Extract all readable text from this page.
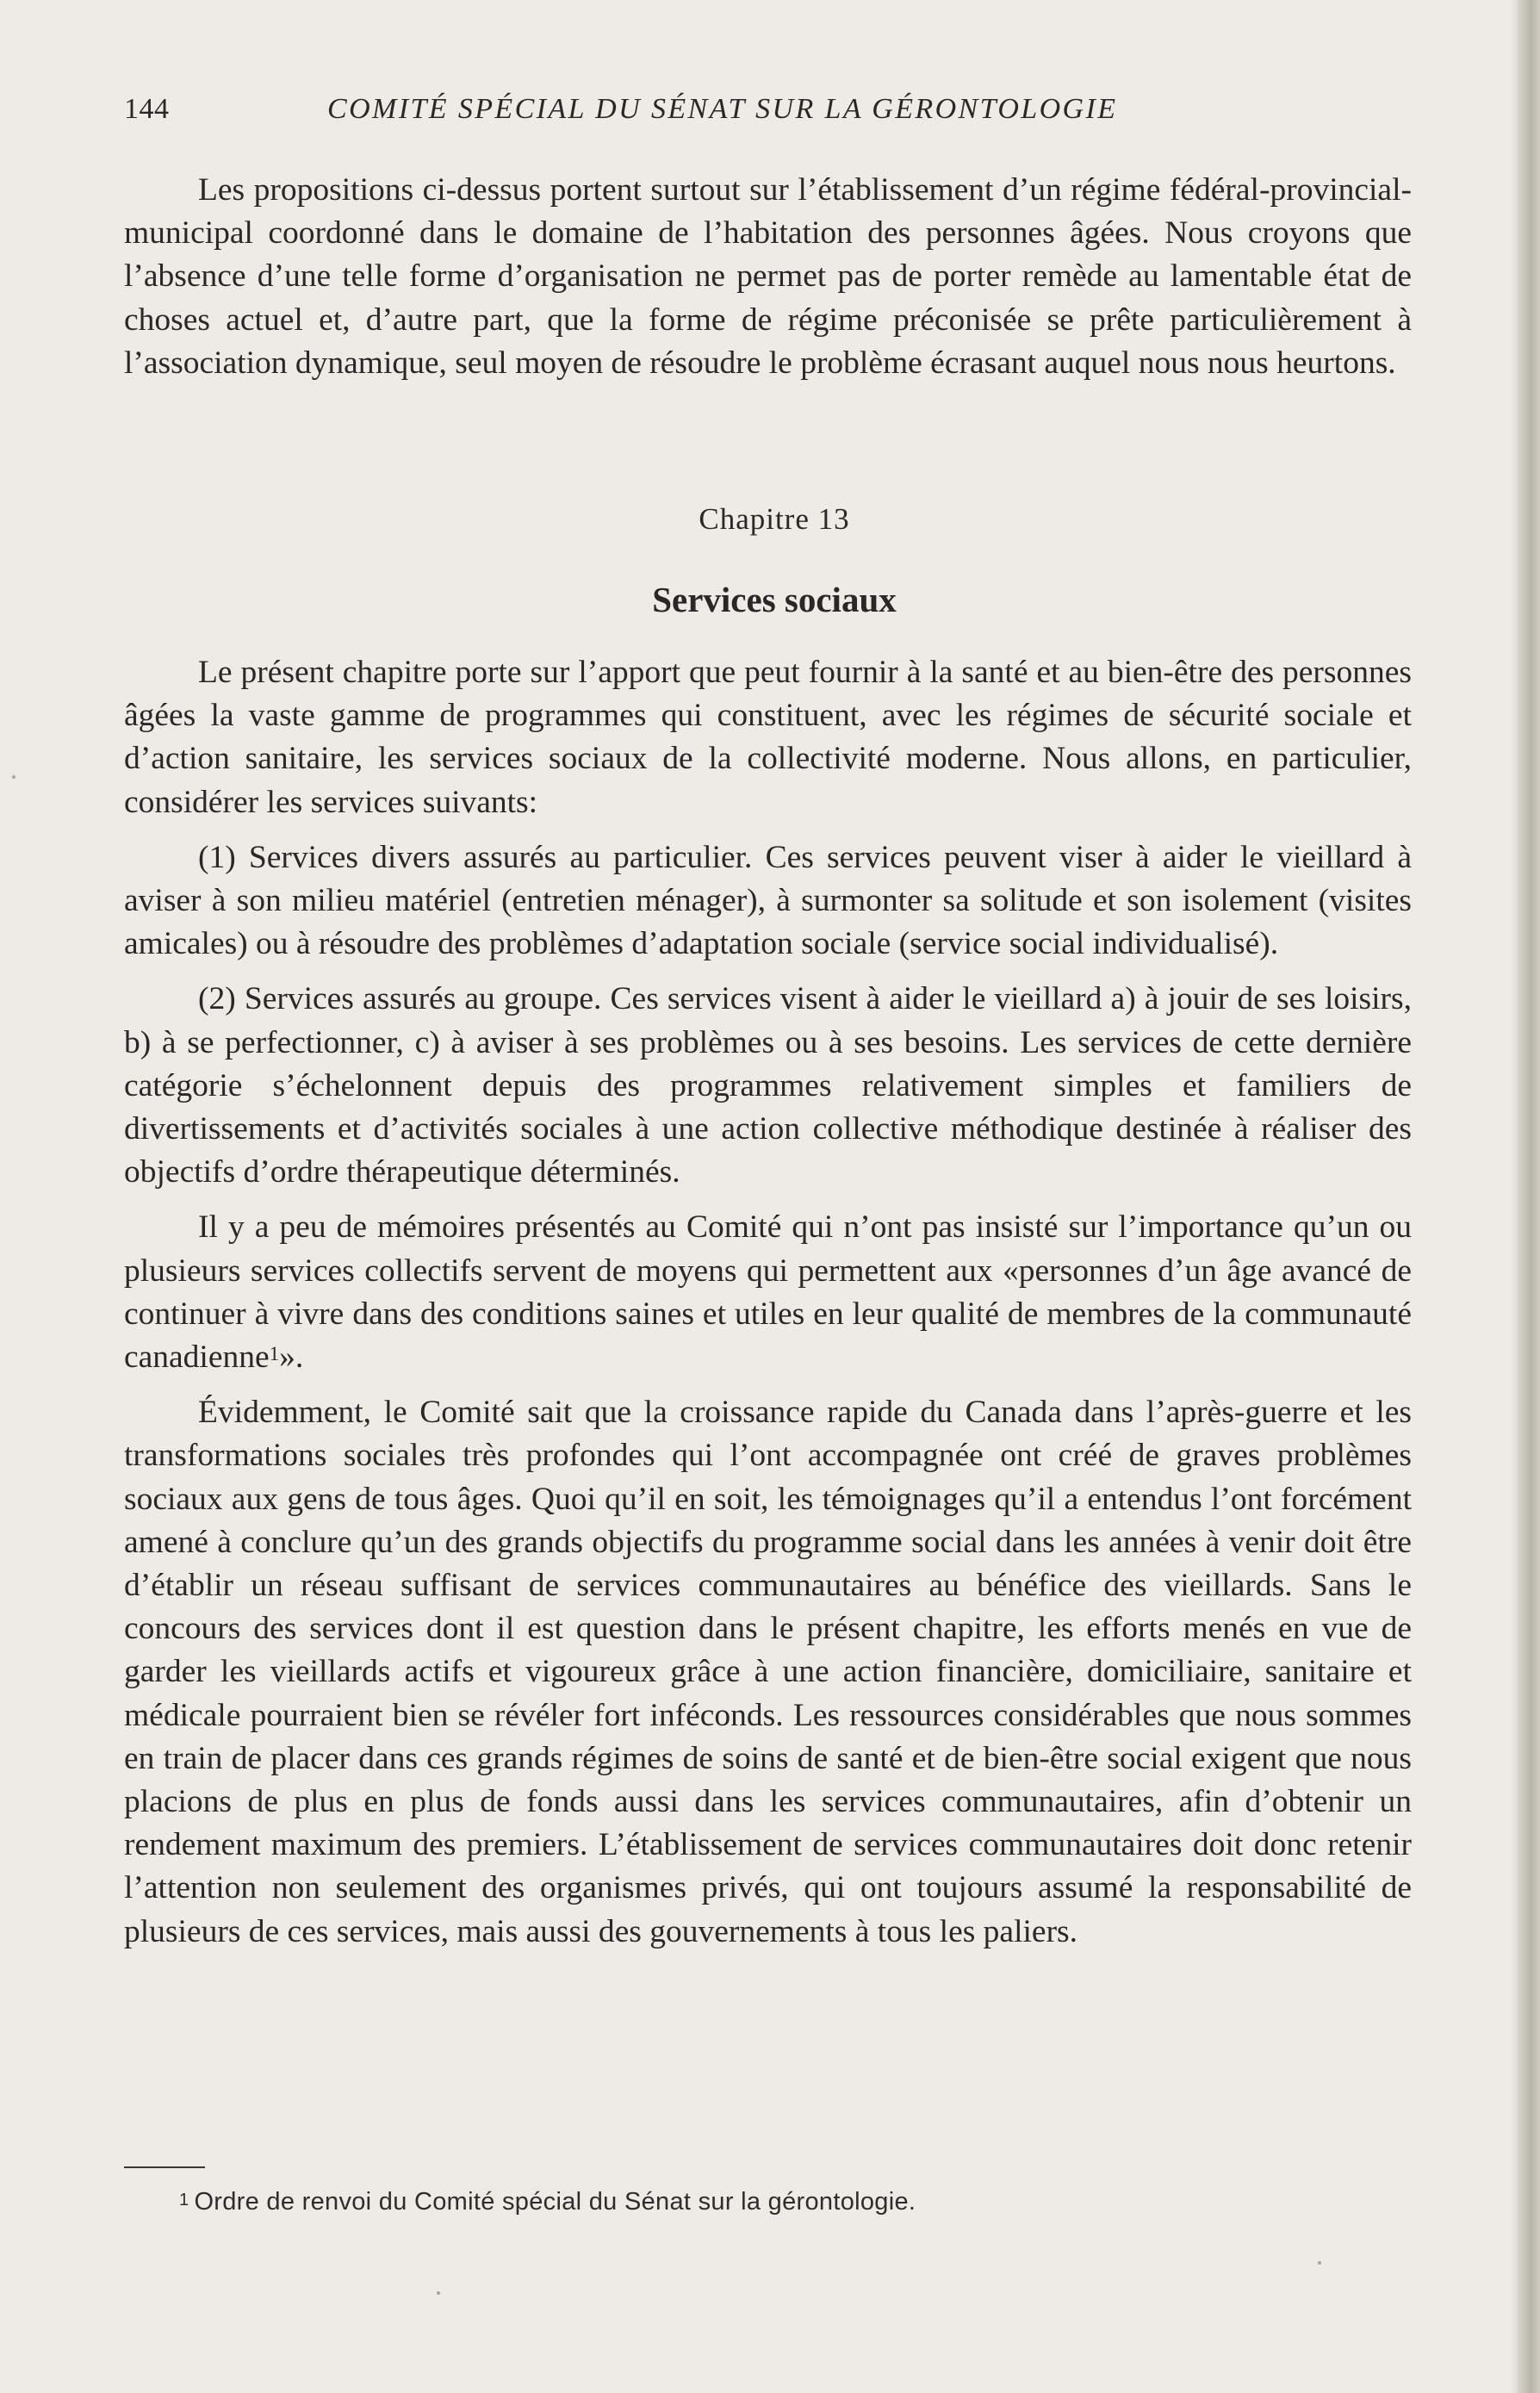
144	COMITÉ SPÉCIAL DU SÉNAT SUR LA GÉRONTOLOGIE

Les propositions ci-dessus portent surtout sur l’établissement d’un régime fédéral-provincial-municipal coordonné dans le domaine de l’habitation des personnes âgées. Nous croyons que l’absence d’une telle forme d’organisation ne permet pas de porter remède au lamentable état de choses actuel et, d’autre part, que la forme de régime préconisée se prête particulièrement à l’association dynamique, seul moyen de résoudre le problème écrasant auquel nous nous heurtons.

Chapitre 13
Services sociaux

Le présent chapitre porte sur l’apport que peut fournir à la santé et au bien-être des personnes âgées la vaste gamme de programmes qui constituent, avec les régimes de sécurité sociale et d’action sanitaire, les services sociaux de la collectivité moderne. Nous allons, en particulier, considérer les services suivants:

(1) Services divers assurés au particulier. Ces services peuvent viser à aider le vieillard à aviser à son milieu matériel (entretien ménager), à surmonter sa solitude et son isolement (visites amicales) ou à résoudre des problèmes d’adaptation sociale (service social individualisé).

(2) Services assurés au groupe. Ces services visent à aider le vieillard a) à jouir de ses loisirs, b) à se perfectionner, c) à aviser à ses problèmes ou à ses besoins. Les services de cette dernière catégorie s’échelonnent depuis des programmes relativement simples et familiers de divertissements et d’activités sociales à une action collective méthodique destinée à réaliser des objectifs d’ordre thérapeutique déterminés.

Il y a peu de mémoires présentés au Comité qui n’ont pas insisté sur l’importance qu’un ou plusieurs services collectifs servent de moyens qui permettent aux «personnes d’un âge avancé de continuer à vivre dans des conditions saines et utiles en leur qualité de membres de la communauté canadienne$^1$».

Évidemment, le Comité sait que la croissance rapide du Canada dans l’après-guerre et les transformations sociales très profondes qui l’ont accompagnée ont créé de graves problèmes sociaux aux gens de tous âges. Quoi qu’il en soit, les témoignages qu’il a entendus l’ont forcément amené à conclure qu’un des grands objectifs du programme social dans les années à venir doit être d’établir un réseau suffisant de services communautaires au bénéfice des vieillards. Sans le concours des services dont il est question dans le présent chapitre, les efforts menés en vue de garder les vieillards actifs et vigoureux grâce à une action financière, domiciliaire, sanitaire et médicale pourraient bien se révéler fort inféconds. Les ressources considérables que nous sommes en train de placer dans ces grands régimes de soins de santé et de bien-être social exigent que nous placions de plus en plus de fonds aussi dans les services communautaires, afin d’obtenir un rendement maximum des premiers. L’établissement de services communautaires doit donc retenir l’attention non seulement des organismes privés, qui ont toujours assumé la responsabilité de plusieurs de ces services, mais aussi des gouvernements à tous les paliers.

$^1$ Ordre de renvoi du Comité spécial du Sénat sur la gérontologie.
